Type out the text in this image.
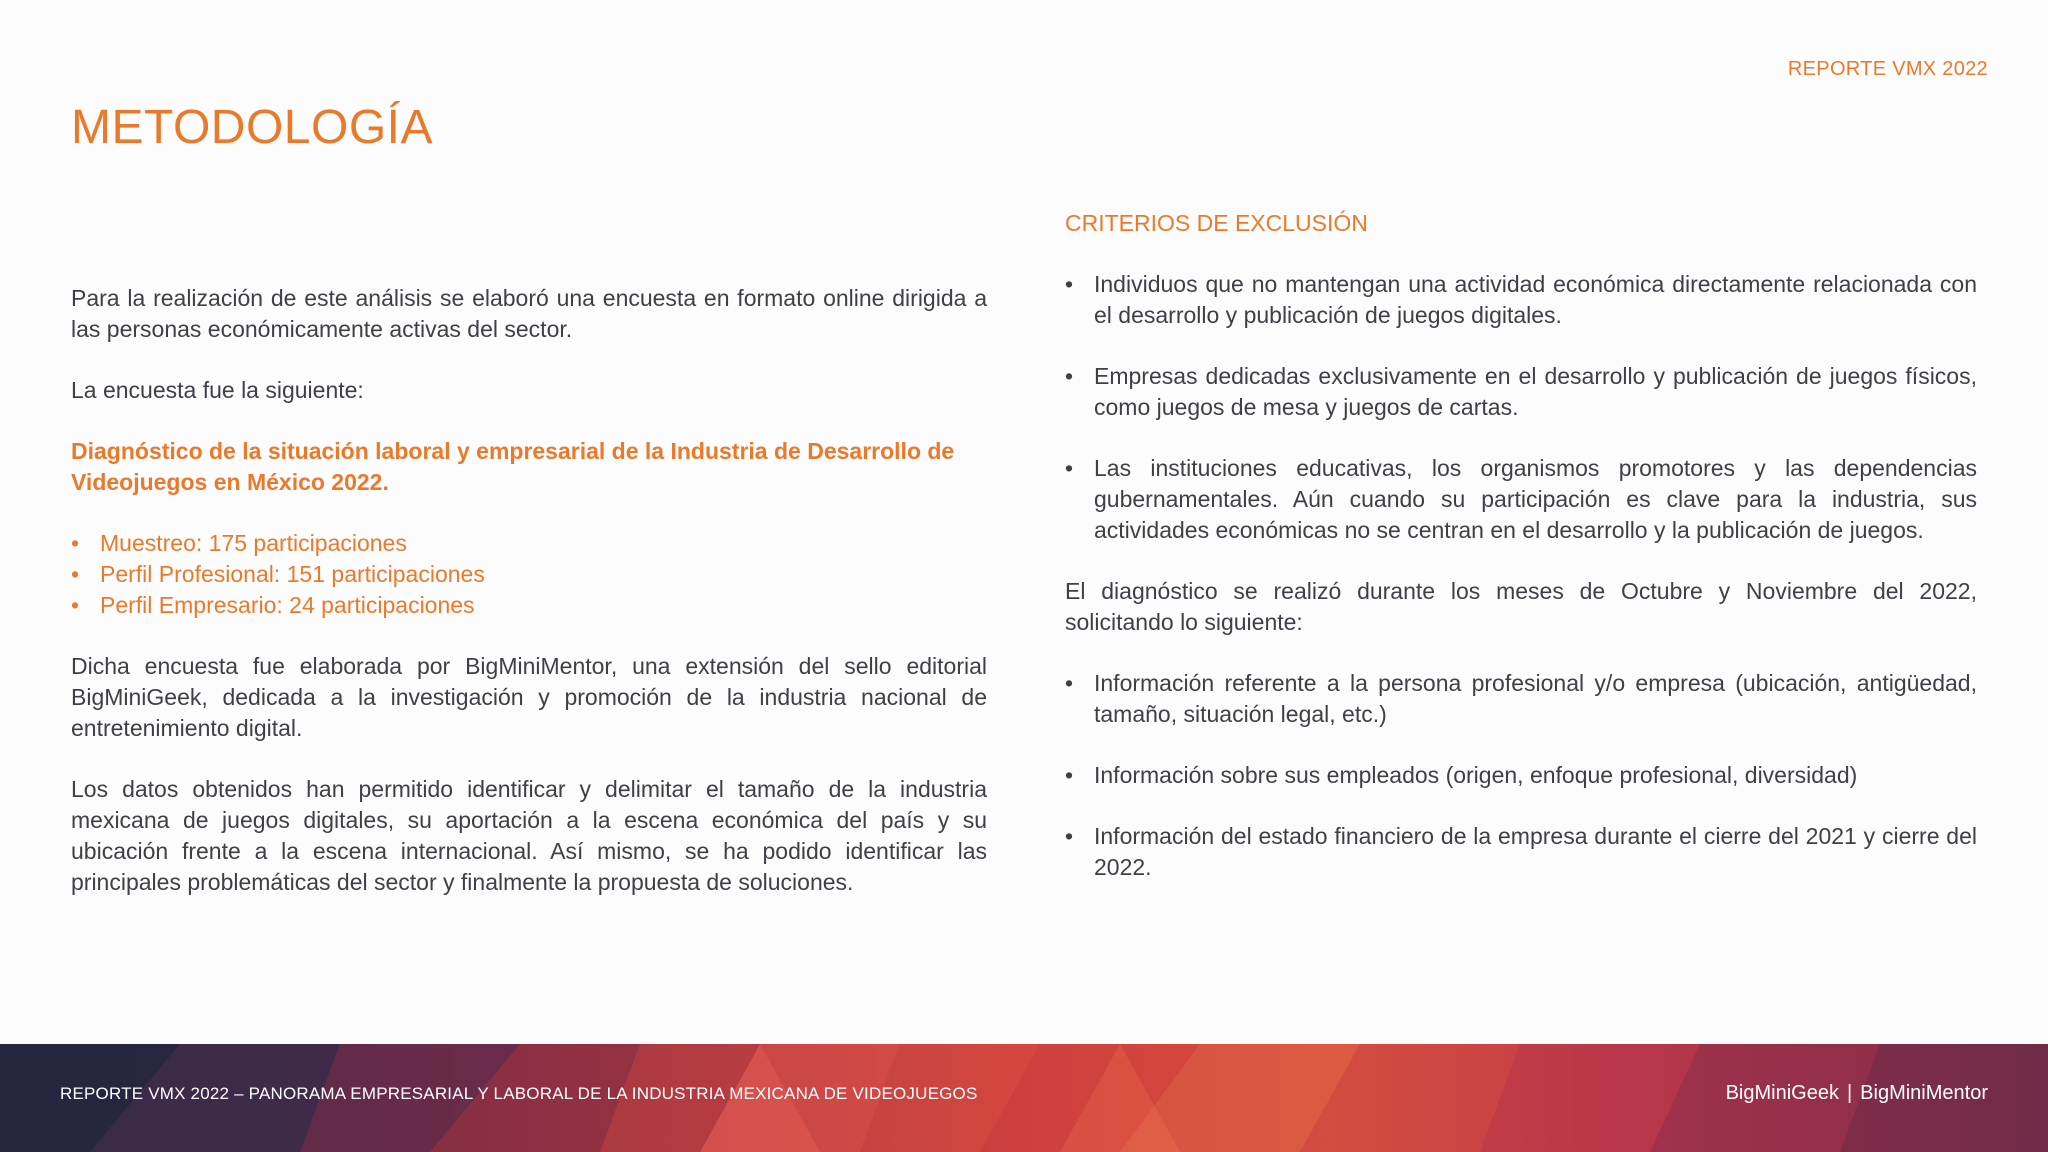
REPORTE VMX 2022
METODOLOGÍA

Para la realización de este análisis se elaboró una encuesta en formato online dirigida a las personas económicamente activas del sector.

La encuesta fue la siguiente:

Diagnóstico de la situación laboral y empresarial de la Industria de Desarrollo de Videojuegos en México 2022.

• Muestreo: 175 participaciones
• Perfil Profesional: 151 participaciones
• Perfil Empresario: 24 participaciones

Dicha encuesta fue elaborada por BigMiniMentor, una extensión del sello editorial BigMiniGeek, dedicada a la investigación y promoción de la industria nacional de entretenimiento digital.

Los datos obtenidos han permitido identificar y delimitar el tamaño de la industria mexicana de juegos digitales, su aportación a la escena económica del país y su ubicación frente a la escena internacional. Así mismo, se ha podido identificar las principales problemáticas del sector y finalmente la propuesta de soluciones.

CRITERIOS DE EXCLUSIÓN
• Individuos que no mantengan una actividad económica directamente relacionada con el desarrollo y publicación de juegos digitales.
• Empresas dedicadas exclusivamente en el desarrollo y publicación de juegos físicos, como juegos de mesa y juegos de cartas.
• Las instituciones educativas, los organismos promotores y las dependencias gubernamentales. Aún cuando su participación es clave para la industria, sus actividades económicas no se centran en el desarrollo y la publicación de juegos.

El diagnóstico se realizó durante los meses de Octubre y Noviembre del 2022, solicitando lo siguiente:

• Información referente a la persona profesional y/o empresa (ubicación, antigüedad, tamaño, situación legal, etc.)
• Información sobre sus empleados (origen, enfoque profesional, diversidad)
• Información del estado financiero de la empresa durante el cierre del 2021 y cierre del 2022.
REPORTE VMX 2022 – PANORAMA EMPRESARIAL Y LABORAL DE LA INDUSTRIA MEXICANA DE VIDEOJUEGOS	BigMiniGeek | BigMiniMentor
